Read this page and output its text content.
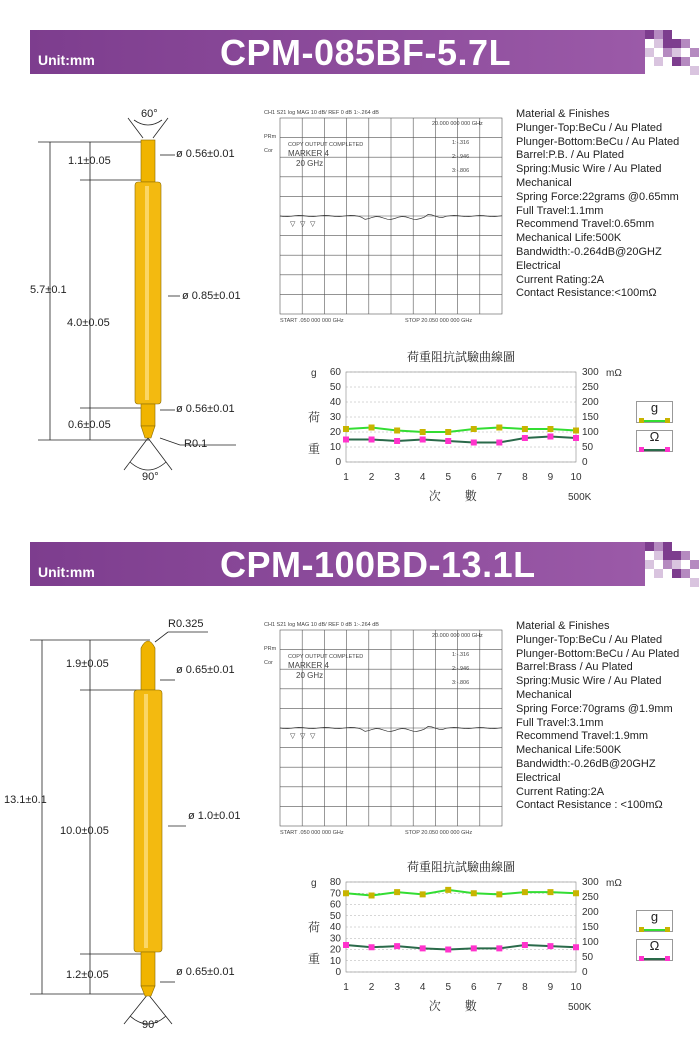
Unit:mm	CPM-085BF-5.7L
60°
1.1±0.05
ø 0.56±0.01
5.7±0.1	ø 0.85±0.01
4.0±0.05
ø 0.56±0.01
0.6±0.05
R0.1
90°
CH1 S21 log MAG 10 dB/ REF 0 dB 1:-.264 dB
20.000 000 000 GHz
PRm
Cor
COPY OUTPUT COMPLETED
MARKER 4
20 GHz
1:-.316
2:-.946
3:-.806
START .050 000 000 GHz	STOP 20.050 000 000 GHz
▽ ▽ ▽
Material & Finishes
Plunger-Top:BeCu / Au Plated
Plunger-Bottom:BeCu / Au Plated
Barrel:P.B. / Au Plated
Spring:Music Wire / Au Plated
Mechanical
Spring Force:22grams @0.65mm
Full Travel:1.1mm
Recommend Travel:0.65mm
Mechanical Life:500K
Bandwidth:-0.264dB@20GHZ
Electrical
Current Rating:2A
Contact Resistance:<100mΩ
荷重阻抗試驗曲線圖
0
10
20
30
40
50
60
0
50
100
150
200
250
300
1 2 3 4 5 6 7 8 9 10
g	mΩ
荷
重
次　　數	500K
g
Ω
Unit:mm	CPM-100BD-13.1L
R0.325
1.9±0.05	ø 0.65±0.01
13.1±0.1
ø 1.0±0.01
10.0±0.05
ø 0.65±0.01
1.2±0.05
90°
CH1 S21 log MAG 10 dB/ REF 0 dB 1:-.264 dB
20.000 000 000 GHz
PRm
Cor
COPY OUTPUT COMPLETED
MARKER 4
20 GHz
1:-.316
2:-.946
3:-.806
START .050 000 000 GHz	STOP 20.050 000 000 GHz
▽ ▽ ▽
Material & Finishes
Plunger-Top:BeCu / Au Plated
Plunger-Bottom:BeCu / Au Plated
Barrel:Brass / Au Plated
Spring:Music Wire / Au Plated
Mechanical
Spring Force:70grams @1.9mm
Full Travel:3.1mm
Recommend Travel:1.9mm
Mechanical Life:500K
Bandwidth:-0.26dB@20GHZ
Electrical
Current Rating:2A
Contact Resistance : <100mΩ
荷重阻抗試驗曲線圖
0
10
20
30
40
50
60
70
80
0
50
100
150
200
250
300
1 2 3 4 5 6 7 8 9 10
g	mΩ
荷
重
次　　數	500K
g
Ω
